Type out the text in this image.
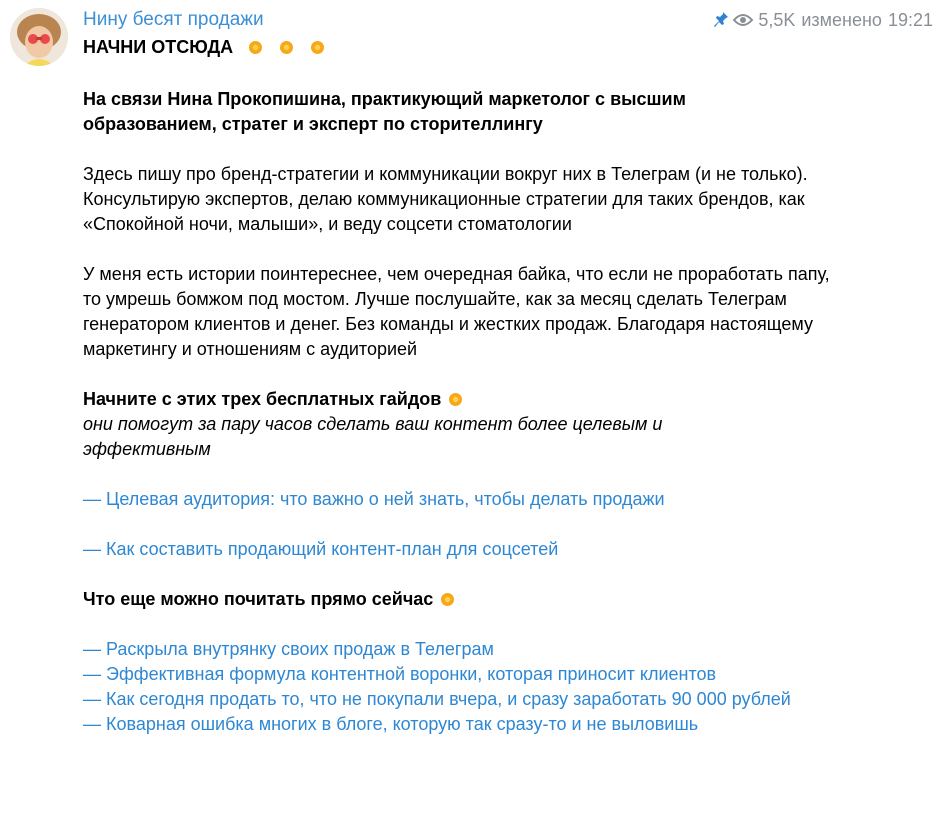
Нину бесят продажи	5,5K изменено 19:21
НАЧНИ ОТСЮДА

На связи Нина Прокопишина, практикующий маркетолог с высшим образованием, стратег и эксперт по сторителлингу

Здесь пишу про бренд-стратегии и коммуникации вокруг них в Телеграм (и не только). Консультирую экспертов, делаю коммуникационные стратегии для таких брендов, как «Спокойной ночи, малыши», и веду соцсети стоматологии

У меня есть истории поинтереснее, чем очередная байка, что если не проработать папу, то умрешь бомжом под мостом. Лучше послушайте, как за месяц сделать Телеграм генератором клиентов и денег. Без команды и жестких продаж. Благодаря настоящему маркетингу и отношениям с аудиторией

Начните с этих трех бесплатных гайдов

они помогут за пару часов сделать ваш контент более целевым и эффективным

— Целевая аудитория: что важно о ней знать, чтобы делать продажи

— Как составить продающий контент-план для соцсетей

Что еще можно почитать прямо сейчас

— Раскрыла внутрянку своих продаж в Телеграм

— Эффективная формула контентной воронки, которая приносит клиентов

— Как сегодня продать то, что не покупали вчера, и сразу заработать 90 000 рублей

— Коварная ошибка многих в блоге, которую так сразу-то и не выловишь
